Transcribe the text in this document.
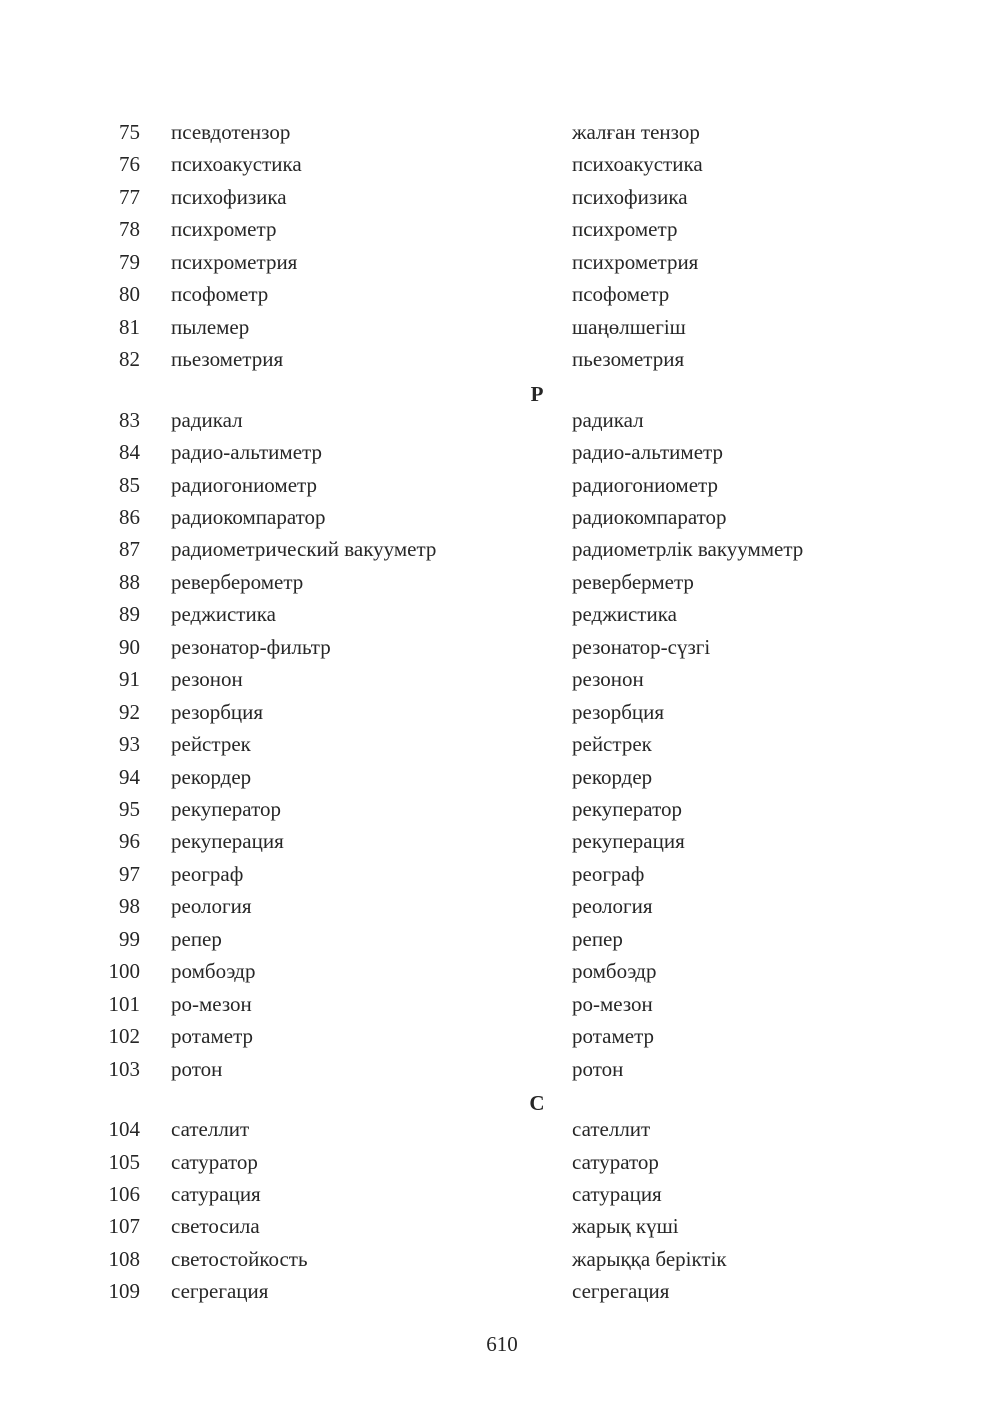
75 псевдотензор	жалған тензор
76 психоакустика	психоакустика
77 психофизика	психофизика
78 психрометр	психрометр
79 психрометрия	психрометрия
80 псофометр	псофометр
81 пылемер	шаңөлшегіш
82 пьезометрия	пьезометрия
Р
83 радикал	радикал
84 радио-альтиметр	радио-альтиметр
85 радиогониометр	радиогониометр
86 радиокомпаратор	радиокомпаратор
87 радиометрический вакууметр	радиометрлік вакуумметр
88 реверберометр	реверберметр
89 реджистика	реджистика
90 резонатор-фильтр	резонатор-сүзгі
91 резонон	резонон
92 резорбция	резорбция
93 рейстрек	рейстрек
94 рекордер	рекордер
95 рекуператор	рекуператор
96 рекуперация	рекуперация
97 реограф	реограф
98 реология	реология
99 репер	репер
100 ромбоэдр	ромбоэдр
101 ро-мезон	ро-мезон
102 ротаметр	ротаметр
103 ротон	ротон
С
104 сателлит	сателлит
105 сатуратор	сатуратор
106 сатурация	сатурация
107 светосила	жарық күші
108 светостойкость	жарыққа беріктік
109 сегрегация	сегрегация
610
